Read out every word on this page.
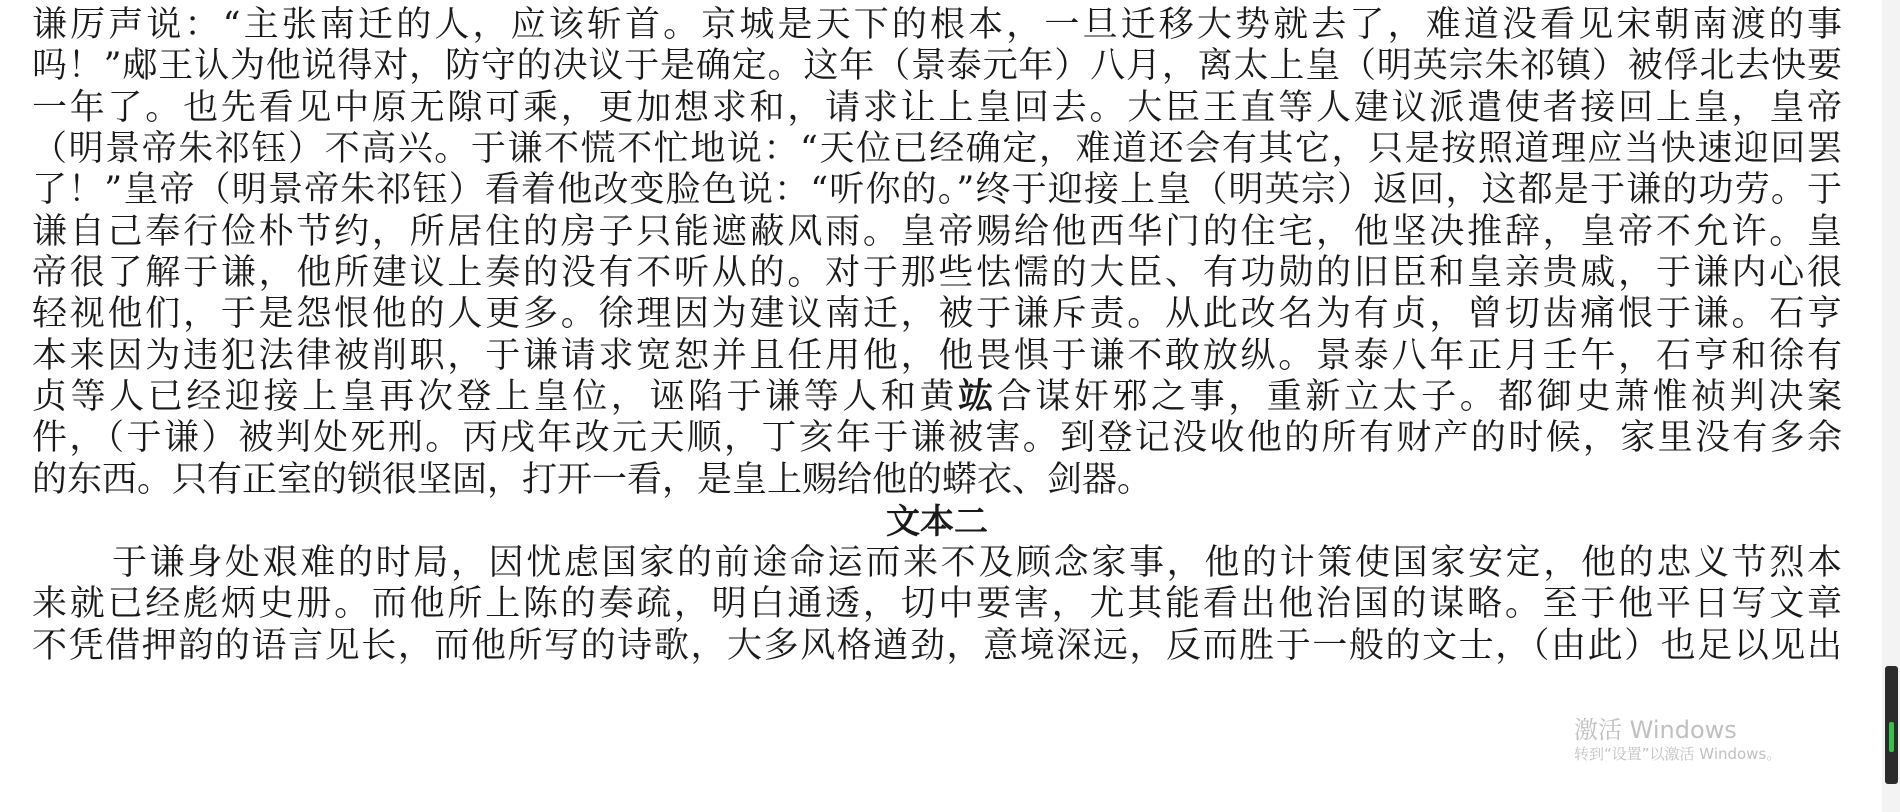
谦厉声说：“主张南迁的人，应该斩首。京城是天下的根本，一旦迁移大势就去了，难道没看见宋朝南渡的事
吗！”郕王认为他说得对，防守的决议于是确定。这年（景泰元年）八月，离太上皇（明英宗朱祁镇）被俘北去快要
一年了。也先看见中原无隙可乘，更加想求和，请求让上皇回去。大臣王直等人建议派遣使者接回上皇，皇帝
（明景帝朱祁钰）不高兴。于谦不慌不忙地说：“天位已经确定，难道还会有其它，只是按照道理应当快速迎回罢
了！”皇帝（明景帝朱祁钰）看着他改变脸色说：“听你的。”终于迎接上皇（明英宗）返回，这都是于谦的功劳。于
谦自己奉行俭朴节约，所居住的房子只能遮蔽风雨。皇帝赐给他西华门的住宅，他坚决推辞，皇帝不允许。皇
帝很了解于谦，他所建议上奏的没有不听从的。对于那些怯懦的大臣、有功勋的旧臣和皇亲贵戚，于谦内心很
轻视他们，于是怨恨他的人更多。徐理因为建议南迁，被于谦斥责。从此改名为有贞，曾切齿痛恨于谦。石亨
本来因为违犯法律被削职，于谦请求宽恕并且任用他，他畏惧于谦不敢放纵。景泰八年正月壬午，石亨和徐有
贞等人已经迎接上皇再次登上皇位，诬陷于谦等人和黄竑合谋奸邪之事，重新立太子。都御史萧惟祯判决案
件，（于谦）被判处死刑。丙戌年改元天顺，丁亥年于谦被害。到登记没收他的所有财产的时候，家里没有多余
的东西。只有正室的锁很坚固，打开一看，是皇上赐给他的蟒衣、剑器。
文本二
于谦身处艰难的时局，因忧虑国家的前途命运而来不及顾念家事，他的计策使国家安定，他的忠义节烈本
来就已经彪炳史册。而他所上陈的奏疏，明白通透，切中要害，尤其能看出他治国的谋略。至于他平日写文章
不凭借押韵的语言见长，而他所写的诗歌，大多风格遒劲，意境深远，反而胜于一般的文士，（由此）也足以见出
激活 Windows
转到“设置”以激活 Windows。
